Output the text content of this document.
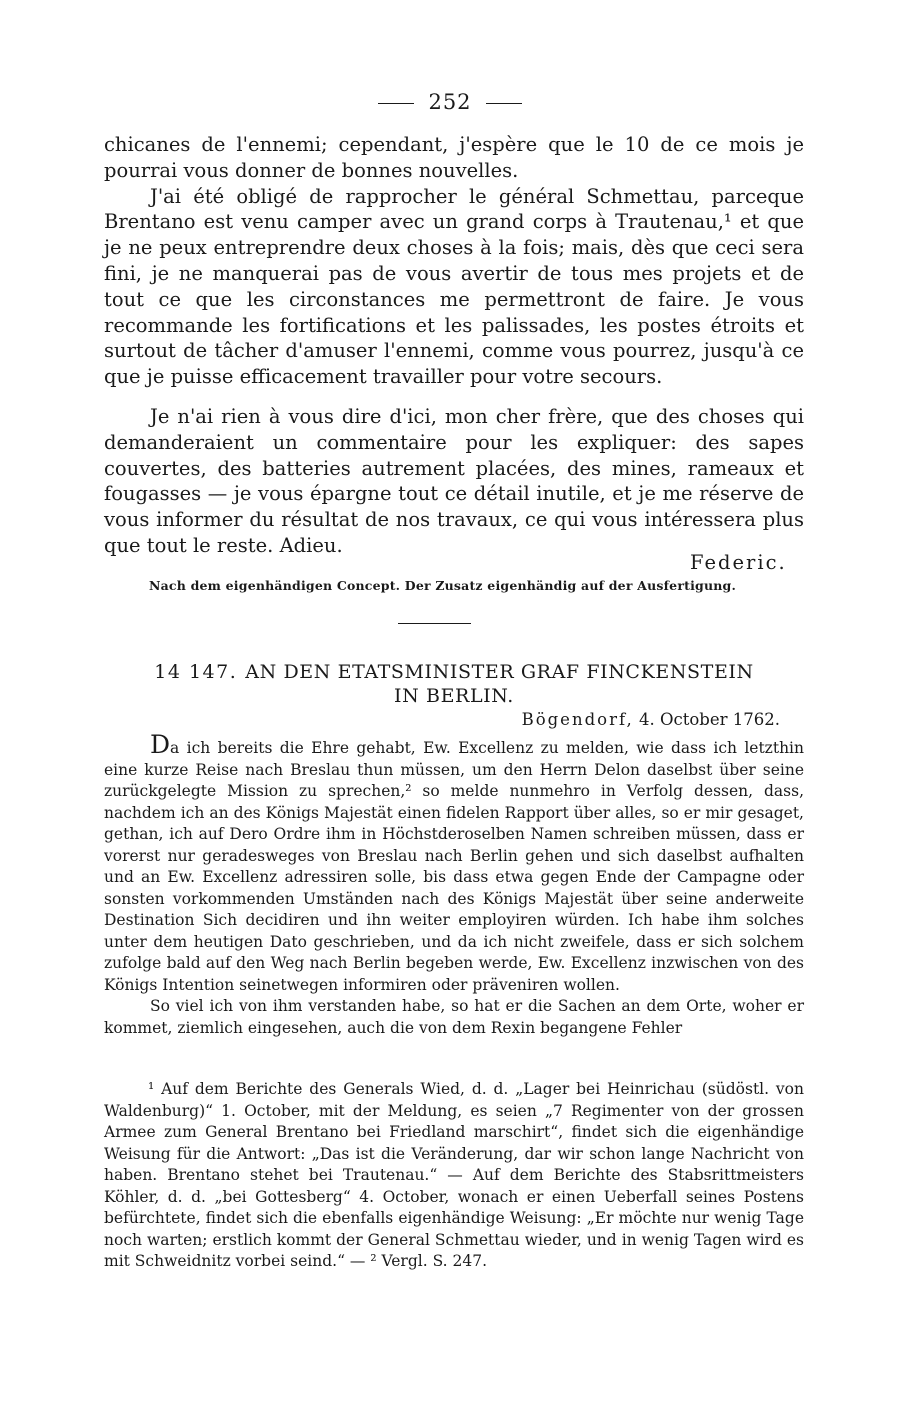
252

chicanes de l'ennemi; cependant, j'espère que le 10 de ce mois je pourrai vous donner de bonnes nouvelles.

J'ai été obligé de rapprocher le général Schmettau, parceque Brentano est venu camper avec un grand corps à Trautenau,¹ et que je ne peux entreprendre deux choses à la fois; mais, dès que ceci sera fini, je ne manquerai pas de vous avertir de tous mes projets et de tout ce que les circonstances me permettront de faire. Je vous recommande les fortifications et les palissades, les postes étroits et surtout de tâcher d'amuser l'ennemi, comme vous pourrez, jusqu'à ce que je puisse efficacement travailler pour votre secours.

Je n'ai rien à vous dire d'ici, mon cher frère, que des choses qui demanderaient un commentaire pour les expliquer: des sapes couvertes, des batteries autrement placées, des mines, rameaux et fougasses — je vous épargne tout ce détail inutile, et je me réserve de vous informer du résultat de nos travaux, ce qui vous intéressera plus que tout le reste. Adieu.

Federic.
Nach dem eigenhändigen Concept. Der Zusatz eigenhändig auf der Ausfertigung.
14 147. AN DEN ETATSMINISTER GRAF FINCKENSTEIN
IN BERLIN.
Bögendorf, 4. October 1762.

Da ich bereits die Ehre gehabt, Ew. Excellenz zu melden, wie dass ich letzthin eine kurze Reise nach Breslau thun müssen, um den Herrn Delon daselbst über seine zurückgelegte Mission zu sprechen,² so melde nunmehro in Verfolg dessen, dass, nachdem ich an des Königs Majestät einen fidelen Rapport über alles, so er mir gesaget, gethan, ich auf Dero Ordre ihm in Höchstderoselben Namen schreiben müssen, dass er vorerst nur geradesweges von Breslau nach Berlin gehen und sich daselbst aufhalten und an Ew. Excellenz adressiren solle, bis dass etwa gegen Ende der Campagne oder sonsten vorkommenden Umständen nach des Königs Majestät über seine anderweite Destination Sich decidiren und ihn weiter employiren würden. Ich habe ihm solches unter dem heutigen Dato geschrieben, und da ich nicht zweifele, dass er sich solchem zufolge bald auf den Weg nach Berlin begeben werde, Ew. Excellenz inzwischen von des Königs Intention seinetwegen informiren oder präveniren wollen.

So viel ich von ihm verstanden habe, so hat er die Sachen an dem Orte, woher er kommet, ziemlich eingesehen, auch die von dem Rexin begangene Fehler

¹ Auf dem Berichte des Generals Wied, d. d. „Lager bei Heinrichau (südöstl. von Waldenburg)“ 1. October, mit der Meldung, es seien „7 Regimenter von der grossen Armee zum General Brentano bei Friedland marschirt“, findet sich die eigenhändige Weisung für die Antwort: „Das ist die Veränderung, dar wir schon lange Nachricht von haben. Brentano stehet bei Trautenau.“ — Auf dem Berichte des Stabsrittmeisters Köhler, d. d. „bei Gottesberg“ 4. October, wonach er einen Ueberfall seines Postens befürchtete, findet sich die ebenfalls eigenhändige Weisung: „Er möchte nur wenig Tage noch warten; erstlich kommt der General Schmettau wieder, und in wenig Tagen wird es mit Schweidnitz vorbei seind.“ — ² Vergl. S. 247.
